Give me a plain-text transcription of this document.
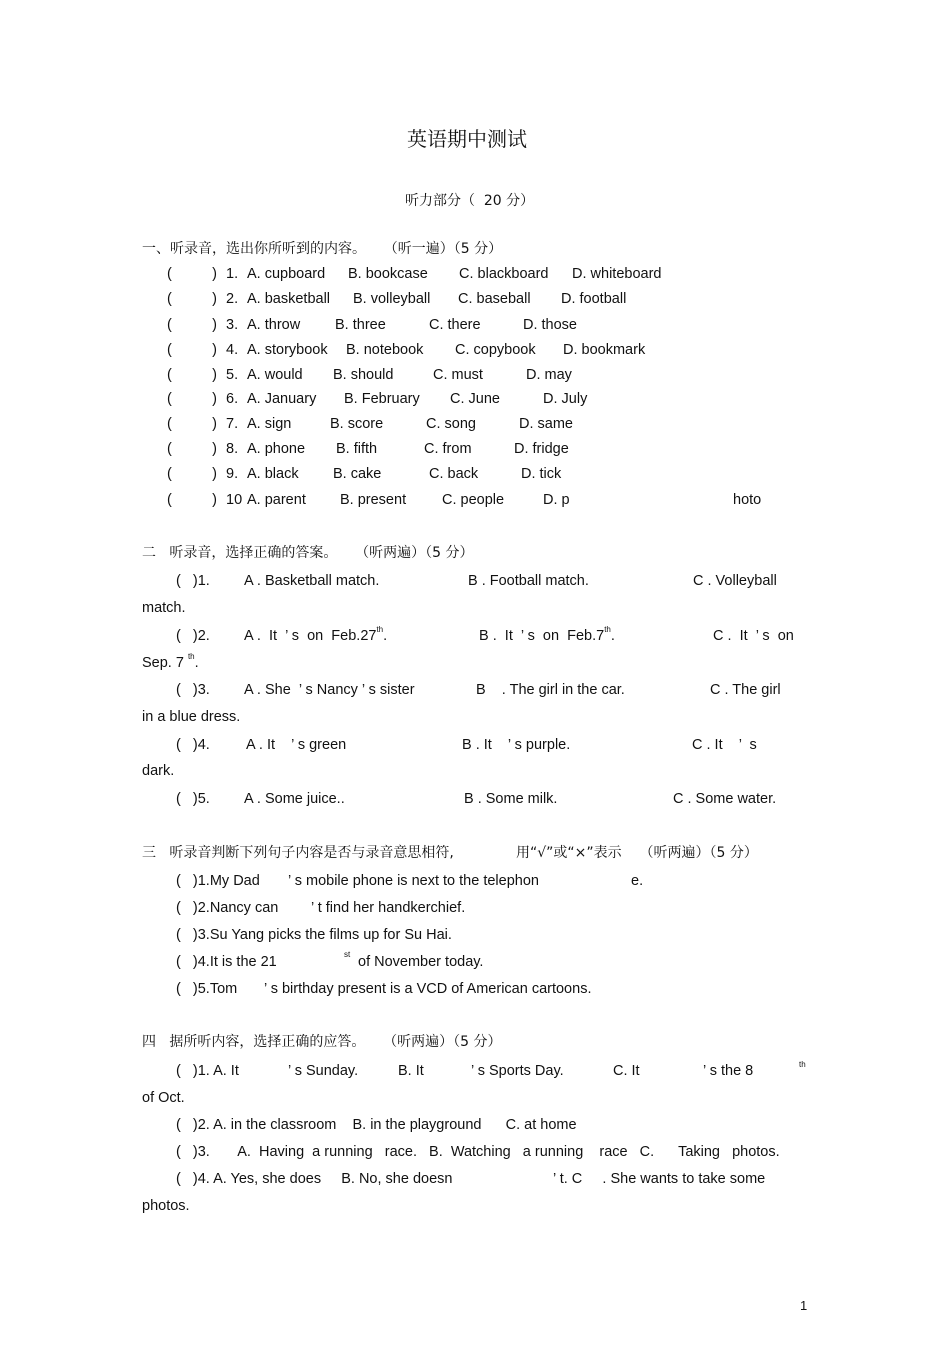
英语期中测试
听力部分（  20 分）
一、听录音，选出你所听到的内容。    （听一遍）（5 分）
(          ) 1. A. cupboard B. bookcase C. blackboard D. whiteboard
(          ) 2. A. basketball B. volleyball C. baseball D. football
(          ) 3. A. throw B. three	C. there	D. those
(          ) 4. A. storybook B. notebook C. copybook D. bookmark
(          ) 5. A. would B. should	C. must	D. may
(          ) 6. A. January B. February C. June	D. July
(          ) 7. A. sign	B. score	C. song	D. same
(          ) 8. A. phone B. fifth	C. from	D. fridge
(          ) 9. A. black B. cake	C. back	D. tick
(          ) 10 A. parent B. present C. people	D. p	hoto
二   听录音，选择正确的答案。    （听两遍）（5 分）
(   )1. A . Basketball match.	B . Football match.	C . Volleyball
match.
(   )2. A .  It  ’ s  on  Feb.27th.	B .  It  ’ s  on  Feb.7th.	C .  It  ’ s  on
Sep. 7 $^{th}$.
(   )3. A . She  ’ s Nancy ’ s sister	B    . The girl in the car.	C . The girl
in a blue dress.
(   )4. A . It    ’ s green	B . It    ’ s purple.	C . It    ’  s
dark.
(   )5. A . Some juice..	B . Some milk.	C . Some water.
三   听录音判断下列句子内容是否与录音意思相符,	用“√”或“×”表示    （听两遍）（5 分）
(   )1.My Dad ’ s mobile phone is next to the telephon	e.
(   )2.Nancy can ’ t find her handkerchief.
(   )3.Su Yang picks the films up for Su Hai.
(   )4.It is the 21	st of November today.
(   )5.Tom ’ s birthday present is a VCD of American cartoons.
四   据所听内容，选择正确的应答。    （听两遍）（5 分）
(   )1. A. It	’ s Sunday.	B. It	’ s Sports Day.	C. It	’ s the 8	th
of Oct.
(   )2. A. in the classroom    B. in the playground      C. at home
(   )3.       A.  Having  a running   race.   B.  Watching   a running    race   C.      Taking   photos.
(   )4. A. Yes, she does     B. No, she doesn	’ t. C     . She wants to take some
photos.
1
